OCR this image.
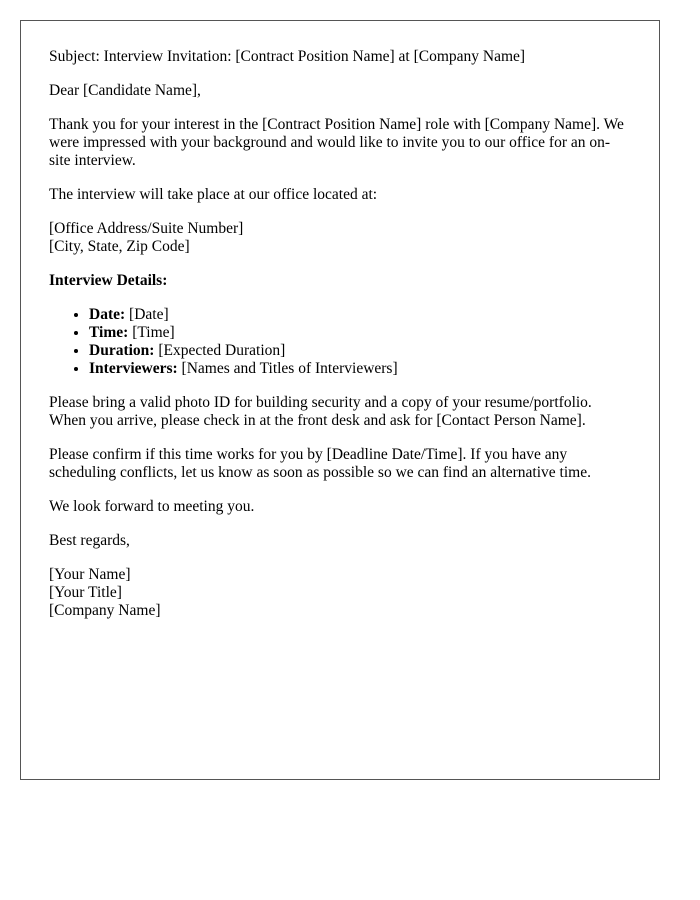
Subject: Interview Invitation: [Contract Position Name] at [Company Name]

Dear [Candidate Name],

Thank you for your interest in the [Contract Position Name] role with [Company Name]. We were impressed with your background and would like to invite you to our office for an on-site interview.

The interview will take place at our office located at:

[Office Address/Suite Number]
[City, State, Zip Code]

Interview Details:

• Date: [Date]
• Time: [Time]
• Duration: [Expected Duration]
• Interviewers: [Names and Titles of Interviewers]

Please bring a valid photo ID for building security and a copy of your resume/portfolio. When you arrive, please check in at the front desk and ask for [Contact Person Name].

Please confirm if this time works for you by [Deadline Date/Time]. If you have any scheduling conflicts, let us know as soon as possible so we can find an alternative time.

We look forward to meeting you.

Best regards,

[Your Name]
[Your Title]
[Company Name]
